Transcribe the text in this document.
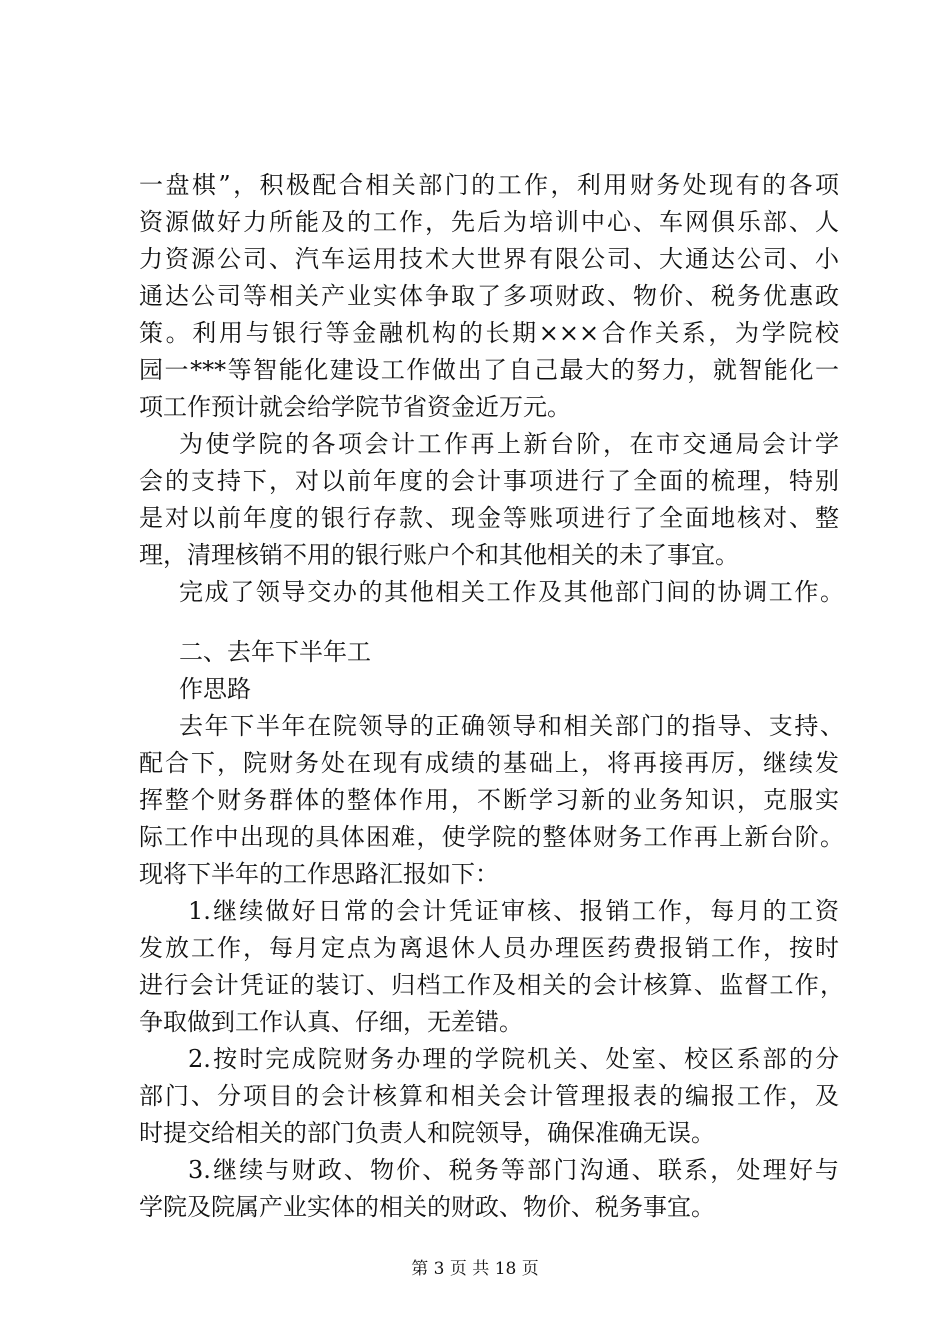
一盘棋”，积极配合相关部门的工作，利用财务处现有的各项
资源做好力所能及的工作，先后为培训中心、车网俱乐部、人
力资源公司、汽车运用技术大世界有限公司、大通达公司、小
通达公司等相关产业实体争取了多项财政、物价、税务优惠政
策。利用与银行等金融机构的长期×××合作关系，为学院校
园一***等智能化建设工作做出了自己最大的努力，就智能化一
项工作预计就会给学院节省资金近万元。
为使学院的各项会计工作再上新台阶，在市交通局会计学
会的支持下，对以前年度的会计事项进行了全面的梳理，特别
是对以前年度的银行存款、现金等账项进行了全面地核对、整
理，清理核销不用的银行账户个和其他相关的未了事宜。
完成了领导交办的其他相关工作及其他部门间的协调工作。
二、去年下半年工
作思路
去年下半年在院领导的正确领导和相关部门的指导、支持、
配合下，院财务处在现有成绩的基础上，将再接再厉，继续发
挥整个财务群体的整体作用，不断学习新的业务知识，克服实
际工作中出现的具体困难，使学院的整体财务工作再上新台阶。
现将下半年的工作思路汇报如下：
1.继续做好日常的会计凭证审核、报销工作，每月的工资
发放工作，每月定点为离退休人员办理医药费报销工作，按时
进行会计凭证的装订、归档工作及相关的会计核算、监督工作，
争取做到工作认真、仔细，无差错。
2.按时完成院财务办理的学院机关、处室、校区系部的分
部门、分项目的会计核算和相关会计管理报表的编报工作，及
时提交给相关的部门负责人和院领导，确保准确无误。
3.继续与财政、物价、税务等部门沟通、联系，处理好与
学院及院属产业实体的相关的财政、物价、税务事宜。
第 3 页 共 18 页
